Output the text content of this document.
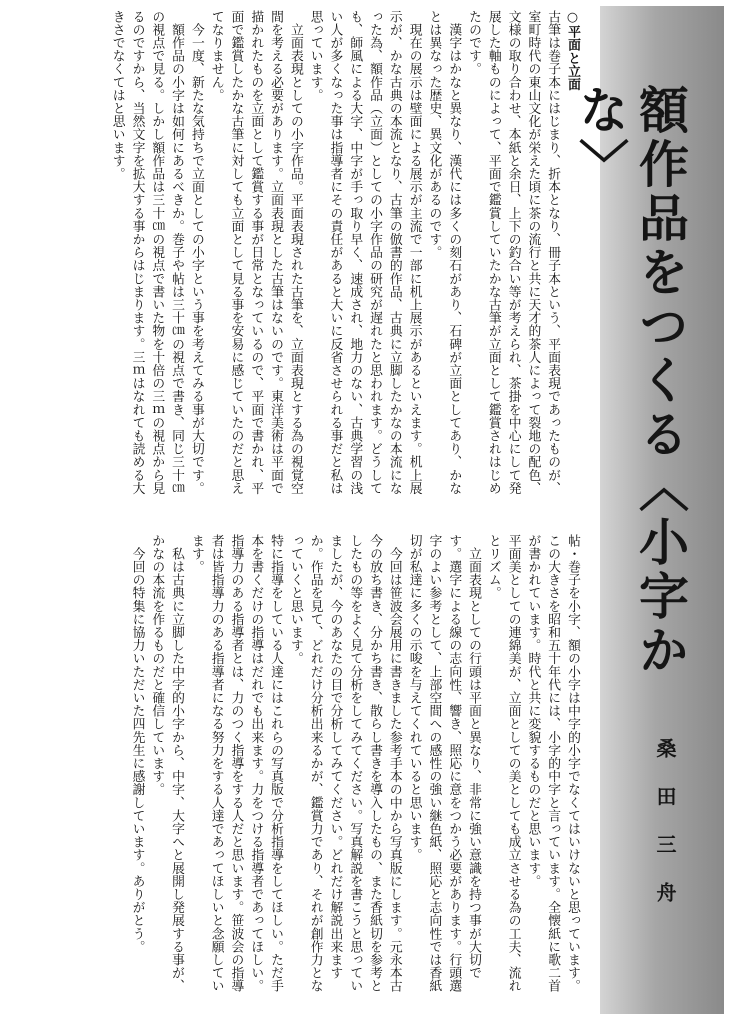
額作品をつくる〈小字かな〉
桑田三舟
○平面と立面
古筆は巻子本にはじまり、折本となり、冊子本という、平面表現であったものが、室町時代の東山文化が栄えた頃に茶の流行と共に天才的茶人によって裂地の配色、文様の取り合わせ、本紙と余日、上下の釣合い等が考えられ、茶掛を中心にして発展した軸ものによって、平面で鑑賞していたかな古筆が立面として鑑賞されはじめたのです。
　漢字はかなと異なり、漢代には多くの刻石があり、石碑が立面としてあり、かなとは異なった歴史、異文化があるのです。
　現在の展示は壁面による展示が主流で一部に机上展示があるといえます。机上展示が、かな古典の本流となり、古筆の倣書的作品、古典に立脚したかなの本流になった為、額作品（立面）としての小字作品の研究が遅れたと思われます。どうしても、師風による大字、中字が手っ取り早く、速成され、地力のない、古典学習の浅い人が多くなった事は指導者にその責任があると大いに反省させられる事だと私は思っています。
　立面表現としての小字作品。平面表現された古筆を、立面表現とする為の視覚空間を考える必要があります。立面表現とした古筆はないのです。東洋美術は平面で描かれたものを立面として鑑賞する事が日常となっているので、平面で書かれ、平面で鑑賞したかな古筆に対しても立面として見る事を安易に感じていたのだと思えてなりません。
　今一度、新たな気持ちで立面としての小字という事を考えてみる事が大切です。
　額作品の小字は如何にあるべきか。巻子や帖は三十㎝の視点で書き、同じ三十㎝の視点で見る。しかし額作品は三十㎝の視点で書いた物を十倍の三ｍの視点から見るのですから、当然文字を拡大する事からはじまります。三ｍはなれても読める大きさでなくてはと思います。
帖・巻子を小字、額の小字は中字的小字でなくてはいけないと思っています。この大きさを昭和五十年代には、小字的中字と言っています。全懐紙に歌二首が書かれています。時代と共に変貌するものだと思います。
平面美としての連綿美が、立面としての美としても成立させる為の工夫、流れとリズム。
　立面表現としての行頭は平面と異なり、非常に強い意識を持つ事が大切です。選字による線の志向性、響き、照応に意をつかう必要があります。行頭選字のよい参考として、上部空間への感性の強い継色紙、照応と志向性では香紙切が私達に多くの示唆を与えてくれていると思います。
　今回は笹波会展用に書きました参考手本の中から写真版にします。元永本古今の放ち書き、分かち書き、散らし書きを導入したもの、また香紙切を参考としたもの等をよく見て分析をしてみてください。写真解説を書こうと思っていましたが、今のあなたの目で分析してみてください。どれだけ解説出来ますか。作品を見て、どれだけ分析出来るかが、鑑賞力であり、それが創作力となっていくと思います。
特に指導をしている人達にはこれらの写真版で分析指導をしてほしい。ただ手本を書くだけの指導はだれでも出来ます。力をつける指導者であってほしい。指導力のある指導者とは、力のつく指導をする人だと思います。笹波会の指導者は皆指導力のある指導者になる努力をする人達であってほしいと念願しています。
　私は古典に立脚した中字的小字から、中字、大字へと展開し発展する事が、かなの本流を作るものだと確信しています。
　今回の特集に協力いただいた四先生に感謝しています。ありがとう。
